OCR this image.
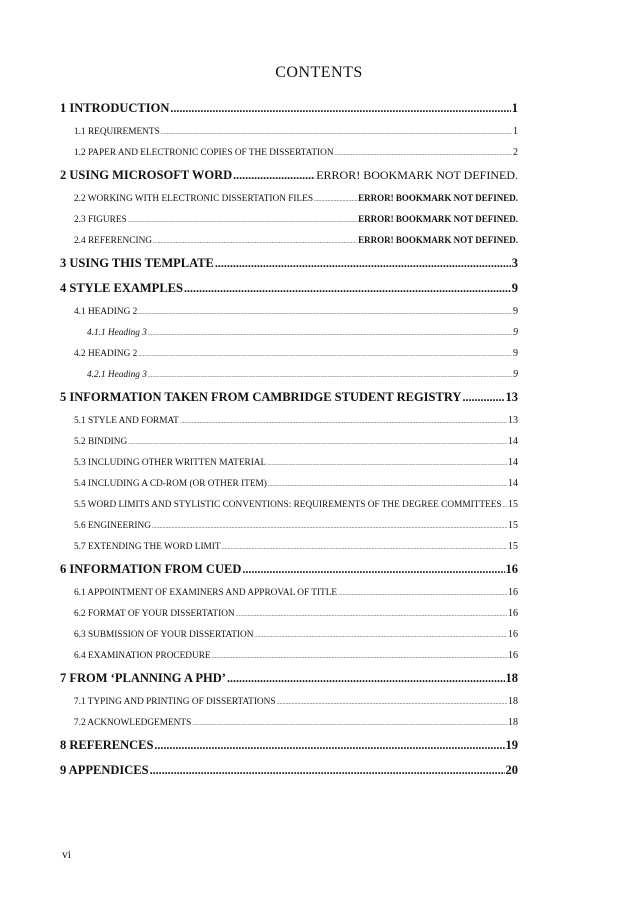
CONTENTS
1 INTRODUCTION .....	1
1.1 REQUIREMENTS .....	1
1.2 PAPER AND ELECTRONIC COPIES OF THE DISSERTATION .....	2
2 USING MICROSOFT WORD .....	ERROR! BOOKMARK NOT DEFINED.
2.2 WORKING WITH ELECTRONIC DISSERTATION FILES .....	ERROR! BOOKMARK NOT DEFINED.
2.3 FIGURES .....	ERROR! BOOKMARK NOT DEFINED.
2.4 REFERENCING .....	ERROR! BOOKMARK NOT DEFINED.
3 USING THIS TEMPLATE .....	3
4 STYLE EXAMPLES .....	9
4.1 HEADING 2 .....	9
4.1.1 Heading 3 .....	9
4.2 HEADING 2 .....	9
4.2.1 Heading 3 .....	9
5 INFORMATION TAKEN FROM CAMBRIDGE STUDENT REGISTRY .....	13
5.1 STYLE AND FORMAT .....	13
5.2 BINDING .....	14
5.3 INCLUDING OTHER WRITTEN MATERIAL .....	14
5.4 INCLUDING A CD-ROM (OR OTHER ITEM) .....	14
5.5 WORD LIMITS AND STYLISTIC CONVENTIONS: REQUIREMENTS OF THE DEGREE COMMITTEES ..... 15
5.6 ENGINEERING .....	15
5.7 EXTENDING THE WORD LIMIT .....	15
6 INFORMATION FROM CUED .....	16
6.1 APPOINTMENT OF EXAMINERS AND APPROVAL OF TITLE .....	16
6.2 FORMAT OF YOUR DISSERTATION .....	16
6.3 SUBMISSION OF YOUR DISSERTATION .....	16
6.4 EXAMINATION PROCEDURE .....	16
7 FROM ‘PLANNING A PHD’ .....	18
7.1 TYPING AND PRINTING OF DISSERTATIONS .....	18
7.2 ACKNOWLEDGEMENTS .....	18
8 REFERENCES .....	19
9 APPENDICES .....	20
vi
